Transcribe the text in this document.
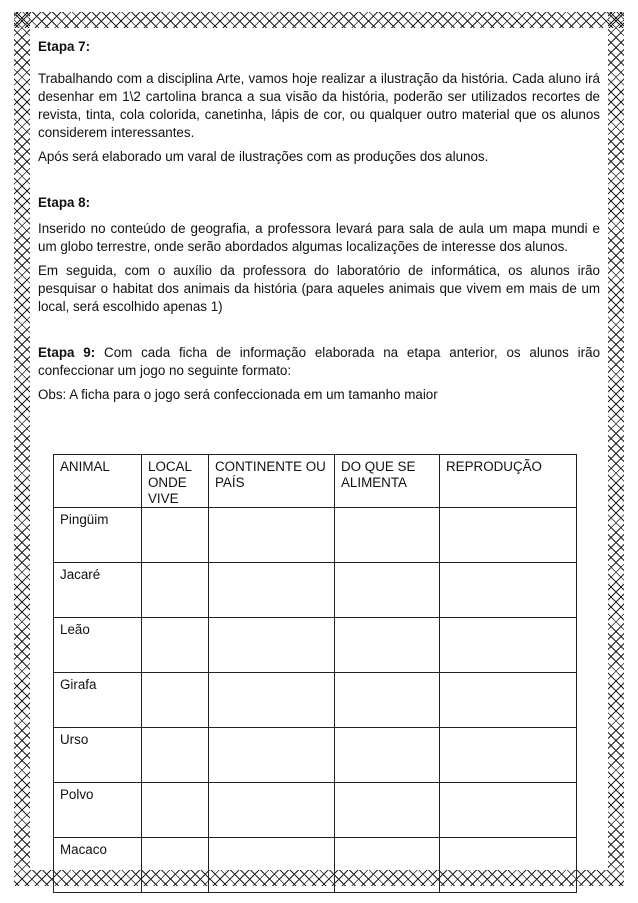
Etapa 7:

Trabalhando com a disciplina Arte, vamos hoje realizar a ilustração da história. Cada aluno irá desenhar em 1\2 cartolina branca a sua visão da história, poderão ser utilizados recortes de revista, tinta, cola colorida, canetinha, lápis de cor, ou qualquer outro material que os alunos considerem interessantes.

Após será elaborado um varal de ilustrações com as produções dos alunos.

Etapa 8:

Inserido no conteúdo de geografia, a professora levará para sala de aula um mapa mundi e um globo terrestre, onde serão abordados algumas localizações de interesse dos alunos.

Em seguida, com o auxílio da professora do laboratório de informática, os alunos irão pesquisar o habitat dos animais da história (para aqueles animais que vivem em mais de um local, será escolhido apenas 1)

Etapa 9: Com cada ficha de informação elaborada na etapa anterior, os alunos irão confeccionar um jogo no seguinte formato:

Obs: A ficha para o jogo será confeccionada em um tamanho maior

ANIMAL	LOCAL ONDE VIVE	CONTINENTE OU PAÍS	DO QUE SE ALIMENTA	REPRODUÇÃO
Pingüim				
Jacaré				
Leão				
Girafa				
Urso				
Polvo				
Macaco				
